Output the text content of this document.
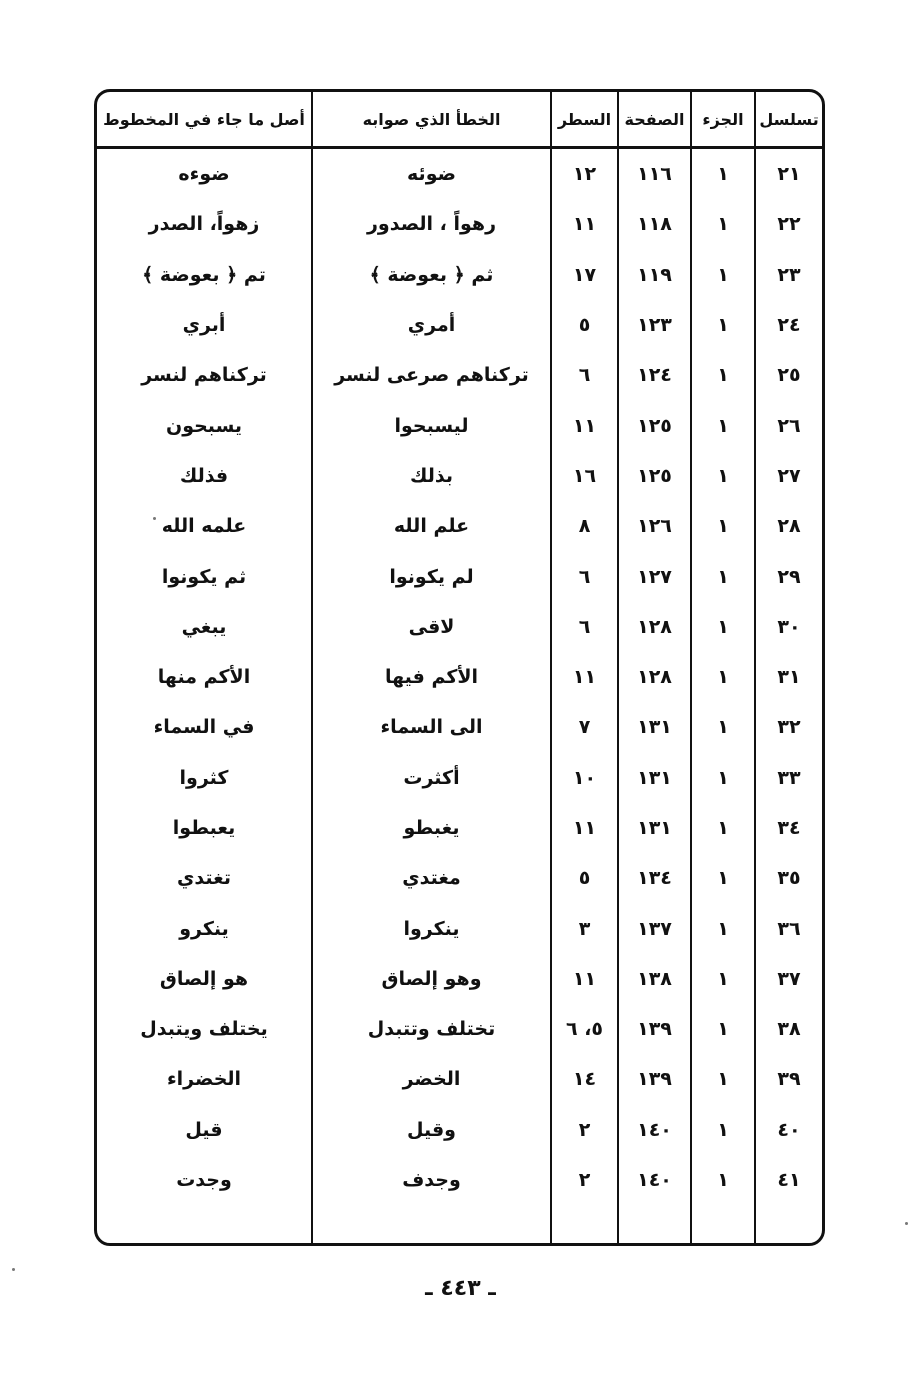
تسلسل
الجزء
الصفحة
السطر
الخطأ الذي صوابه
أصل ما جاء في المخطوط
٢١
١
١١٦
١٢
ضوئه
ضوءه
٢٢
١
١١٨
١١
رهواً ، الصدور
زهواً، الصدر
٢٣
١
١١٩
١٧
ثم ﴿ بعوضة ﴾
تم ﴿ بعوضة ﴾
٢٤
١
١٢٣
٥
أمري
أبري
٢٥
١
١٢٤
٦
تركناهم صرعى لنسر
تركناهم لنسر
٢٦
١
١٢٥
١١
ليسبحوا
يسبحون
٢٧
١
١٢٥
١٦
بذلك
فذلك
٢٨
١
١٢٦
٨
علم الله
علمه الله
٢٩
١
١٢٧
٦
لم يكونوا
ثم يكونوا
٣٠
١
١٢٨
٦
لاقى
يبغي
٣١
١
١٢٨
١١
الأكم فيها
الأكم منها
٣٢
١
١٣١
٧
الى السماء
في السماء
٣٣
١
١٣١
١٠
أكثرت
كثروا
٣٤
١
١٣١
١١
يغبطو
يعبطوا
٣٥
١
١٣٤
٥
مغتدي
تغتدي
٣٦
١
١٣٧
٣
ينكروا
ينكرو
٣٧
١
١٣٨
١١
وهو إلصاق
هو إلصاق
٣٨
١
١٣٩
٥، ٦
تختلف وتتبدل
يختلف ويتبدل
٣٩
١
١٣٩
١٤
الخضر
الخضراء
٤٠
١
١٤٠
٢
وقيل
قيل
٤١
١
١٤٠
٢
وجدف
وجدت
ـ ٤٤٣ ـ
